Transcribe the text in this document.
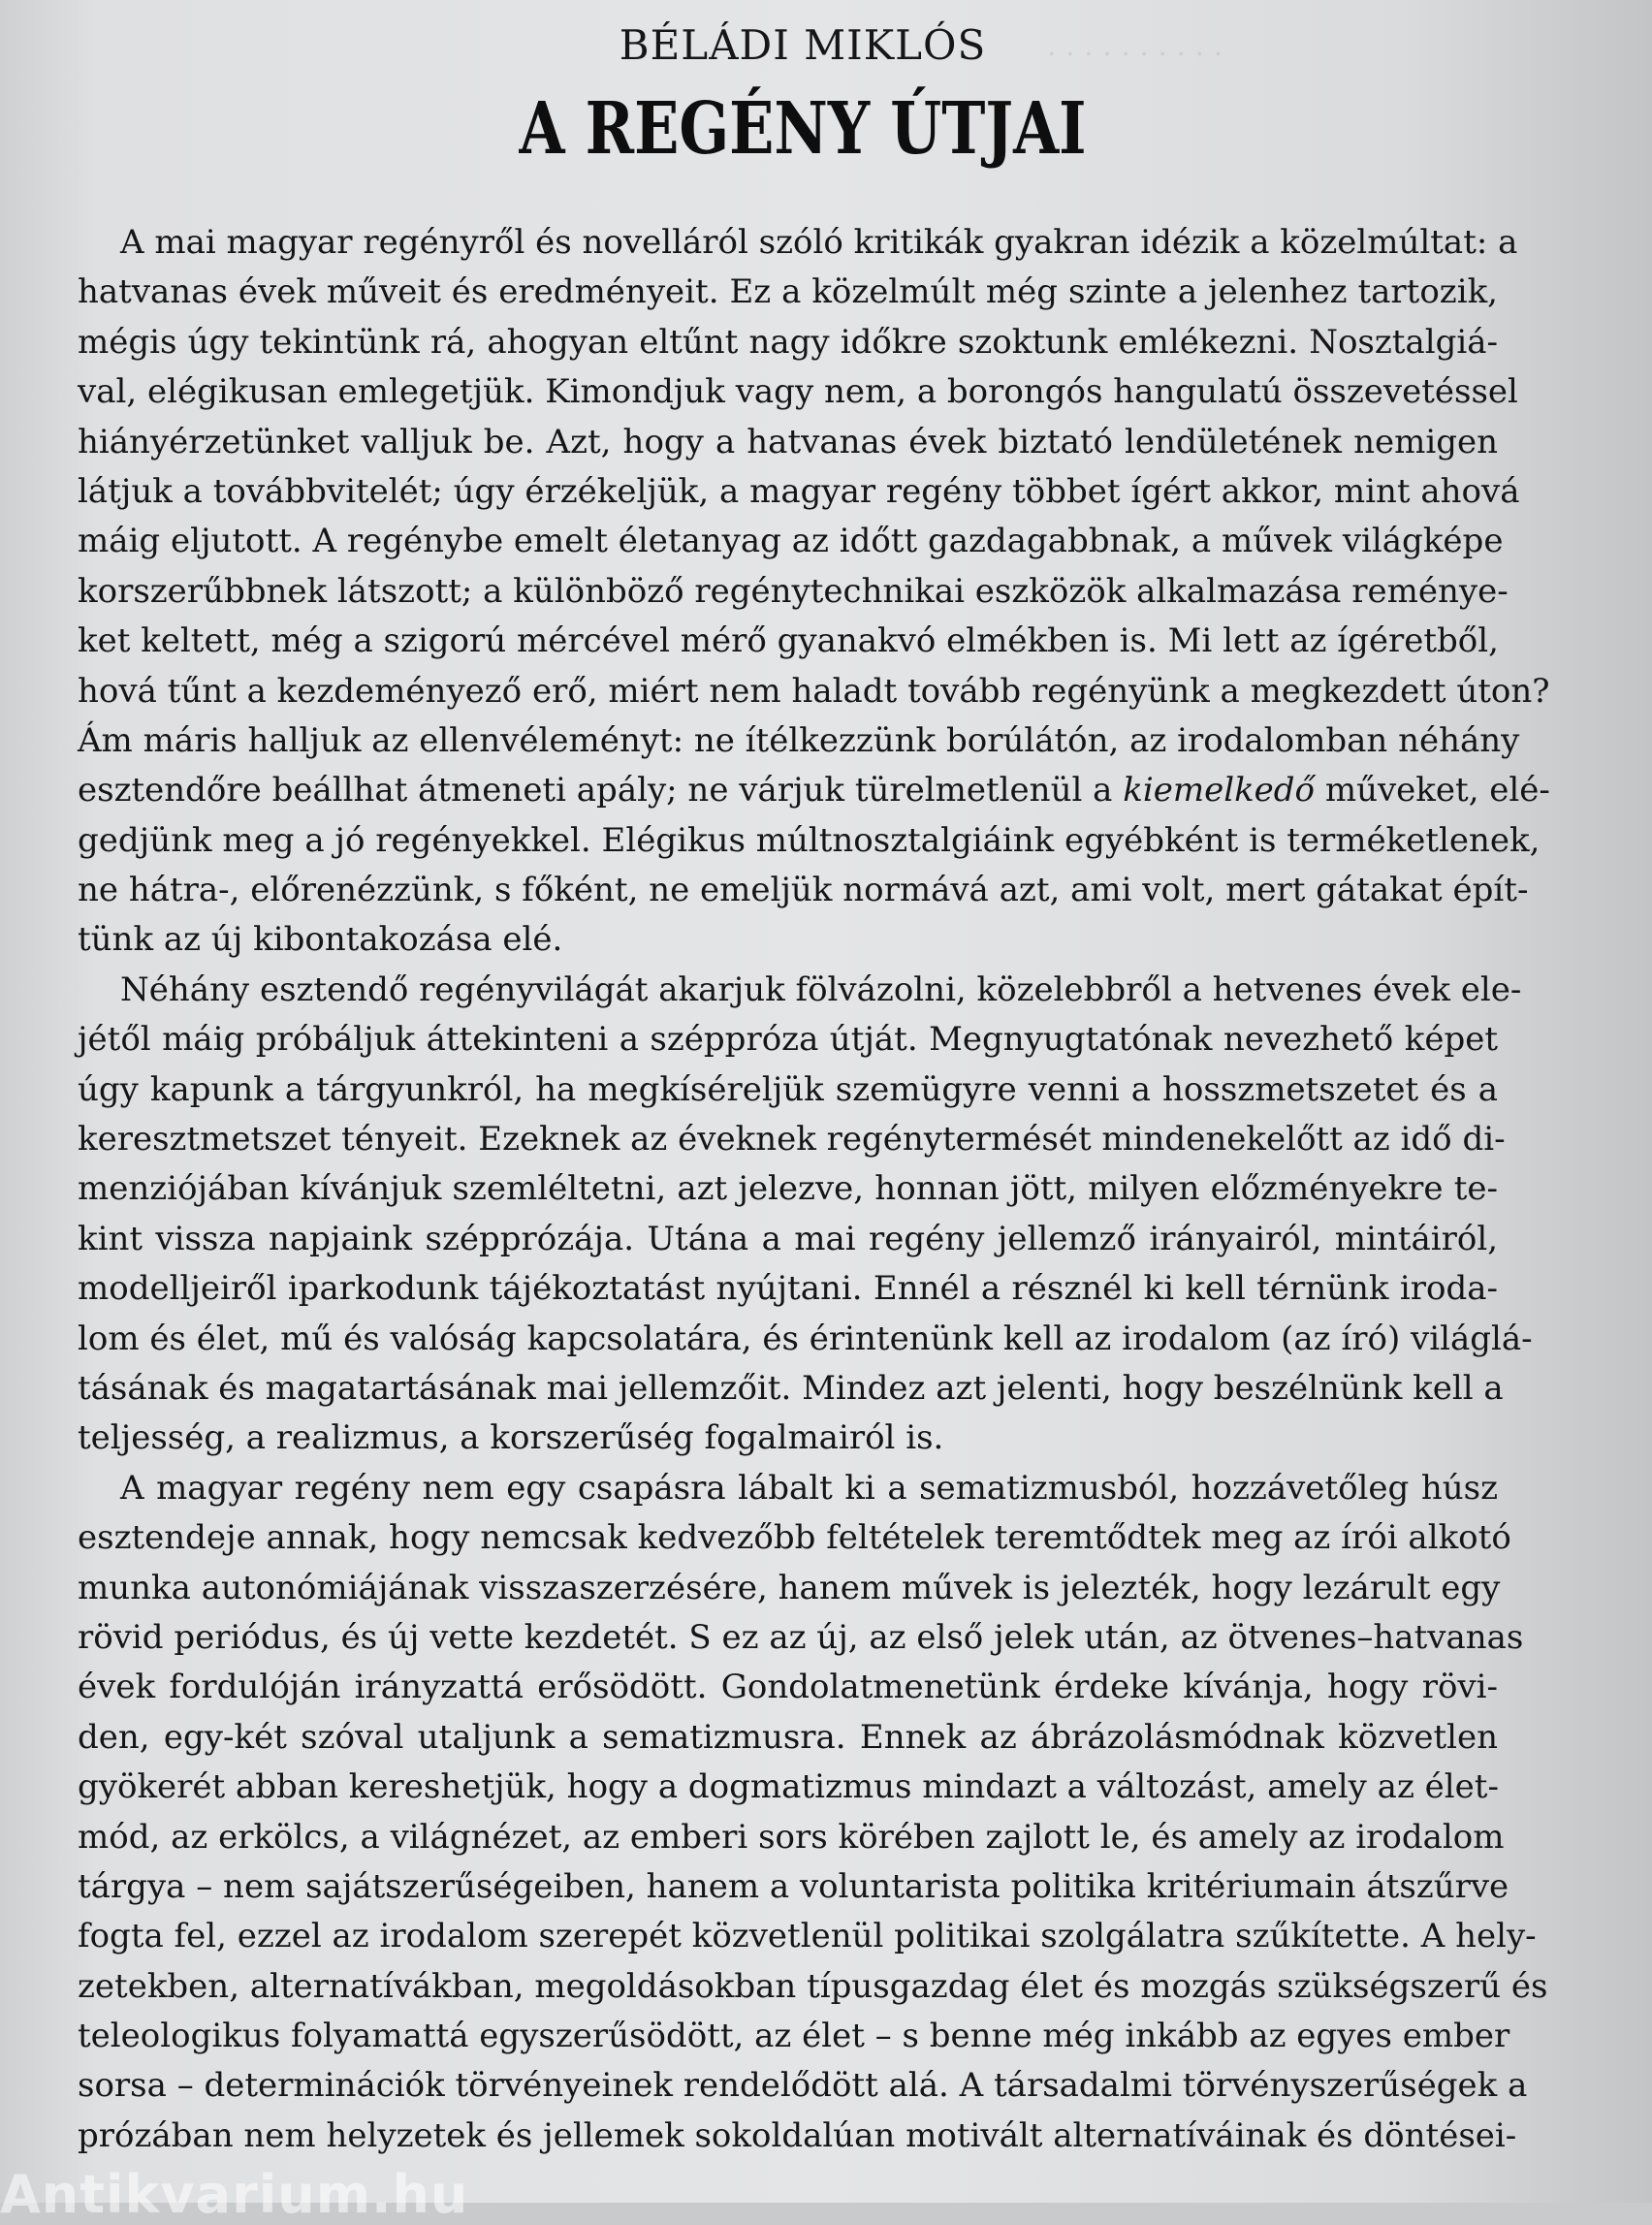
. . . . . . . . . .
BÉLÁDI MIKLÓS
A REGÉNY ÚTJAI
A mai magyar regényről és novelláról szóló kritikák gyakran idézik a közelmúltat: a
hatvanas évek műveit és eredményeit. Ez a közelmúlt még szinte a jelenhez tartozik,
mégis úgy tekintünk rá, ahogyan eltűnt nagy időkre szoktunk emlékezni. Nosztalgiá-
val, elégikusan emlegetjük. Kimondjuk vagy nem, a borongós hangulatú összevetéssel
hiányérzetünket valljuk be. Azt, hogy a hatvanas évek biztató lendületének nemigen
látjuk a továbbvitelét; úgy érzékeljük, a magyar regény többet ígért akkor, mint ahová
máig eljutott. A regénybe emelt életanyag az időtt gazdagabbnak, a művek világképe
korszerűbbnek látszott; a különböző regénytechnikai eszközök alkalmazása reménye-
ket keltett, még a szigorú mércével mérő gyanakvó elmékben is. Mi lett az ígéretből,
hová tűnt a kezdeményező erő, miért nem haladt tovább regényünk a megkezdett úton?
Ám máris halljuk az ellenvéleményt: ne ítélkezzünk borúlátón, az irodalomban néhány
esztendőre beállhat átmeneti apály; ne várjuk türelmetlenül a kiemelkedő műveket, elé-
gedjünk meg a jó regényekkel. Elégikus múltnosztalgiáink egyébként is terméketlenek,
ne hátra-, előrenézzünk, s főként, ne emeljük normává azt, ami volt, mert gátakat épít-
tünk az új kibontakozása elé.
Néhány esztendő regényvilágát akarjuk fölvázolni, közelebbről a hetvenes évek ele-
jétől máig próbáljuk áttekinteni a széppróza útját. Megnyugtatónak nevezhető képet
úgy kapunk a tárgyunkról, ha megkíséreljük szemügyre venni a hosszmetszetet és a
keresztmetszet tényeit. Ezeknek az éveknek regénytermését mindenekelőtt az idő di-
menziójában kívánjuk szemléltetni, azt jelezve, honnan jött, milyen előzményekre te-
kint vissza napjaink szépprózája. Utána a mai regény jellemző irányairól, mintáiról,
modelljeiről iparkodunk tájékoztatást nyújtani. Ennél a résznél ki kell térnünk iroda-
lom és élet, mű és valóság kapcsolatára, és érintenünk kell az irodalom (az író) világlá-
tásának és magatartásának mai jellemzőit. Mindez azt jelenti, hogy beszélnünk kell a
teljesség, a realizmus, a korszerűség fogalmairól is.
A magyar regény nem egy csapásra lábalt ki a sematizmusból, hozzávetőleg húsz
esztendeje annak, hogy nemcsak kedvezőbb feltételek teremtődtek meg az írói alkotó
munka autonómiájának visszaszerzésére, hanem művek is jelezték, hogy lezárult egy
rövid periódus, és új vette kezdetét. S ez az új, az első jelek után, az ötvenes–hatvanas
évek fordulóján irányzattá erősödött. Gondolatmenetünk érdeke kívánja, hogy rövi-
den, egy-két szóval utaljunk a sematizmusra. Ennek az ábrázolásmódnak közvetlen
gyökerét abban kereshetjük, hogy a dogmatizmus mindazt a változást, amely az élet-
mód, az erkölcs, a világnézet, az emberi sors körében zajlott le, és amely az irodalom
tárgya – nem sajátszerűségeiben, hanem a voluntarista politika kritériumain átszűrve
fogta fel, ezzel az irodalom szerepét közvetlenül politikai szolgálatra szűkítette. A hely-
zetekben, alternatívákban, megoldásokban típusgazdag élet és mozgás szükségszerű és
teleologikus folyamattá egyszerűsödött, az élet – s benne még inkább az egyes ember
sorsa – determinációk törvényeinek rendelődött alá. A társadalmi törvényszerűségek a
prózában nem helyzetek és jellemek sokoldalúan motivált alternatíváinak és döntései-
Antikvarium.hu
